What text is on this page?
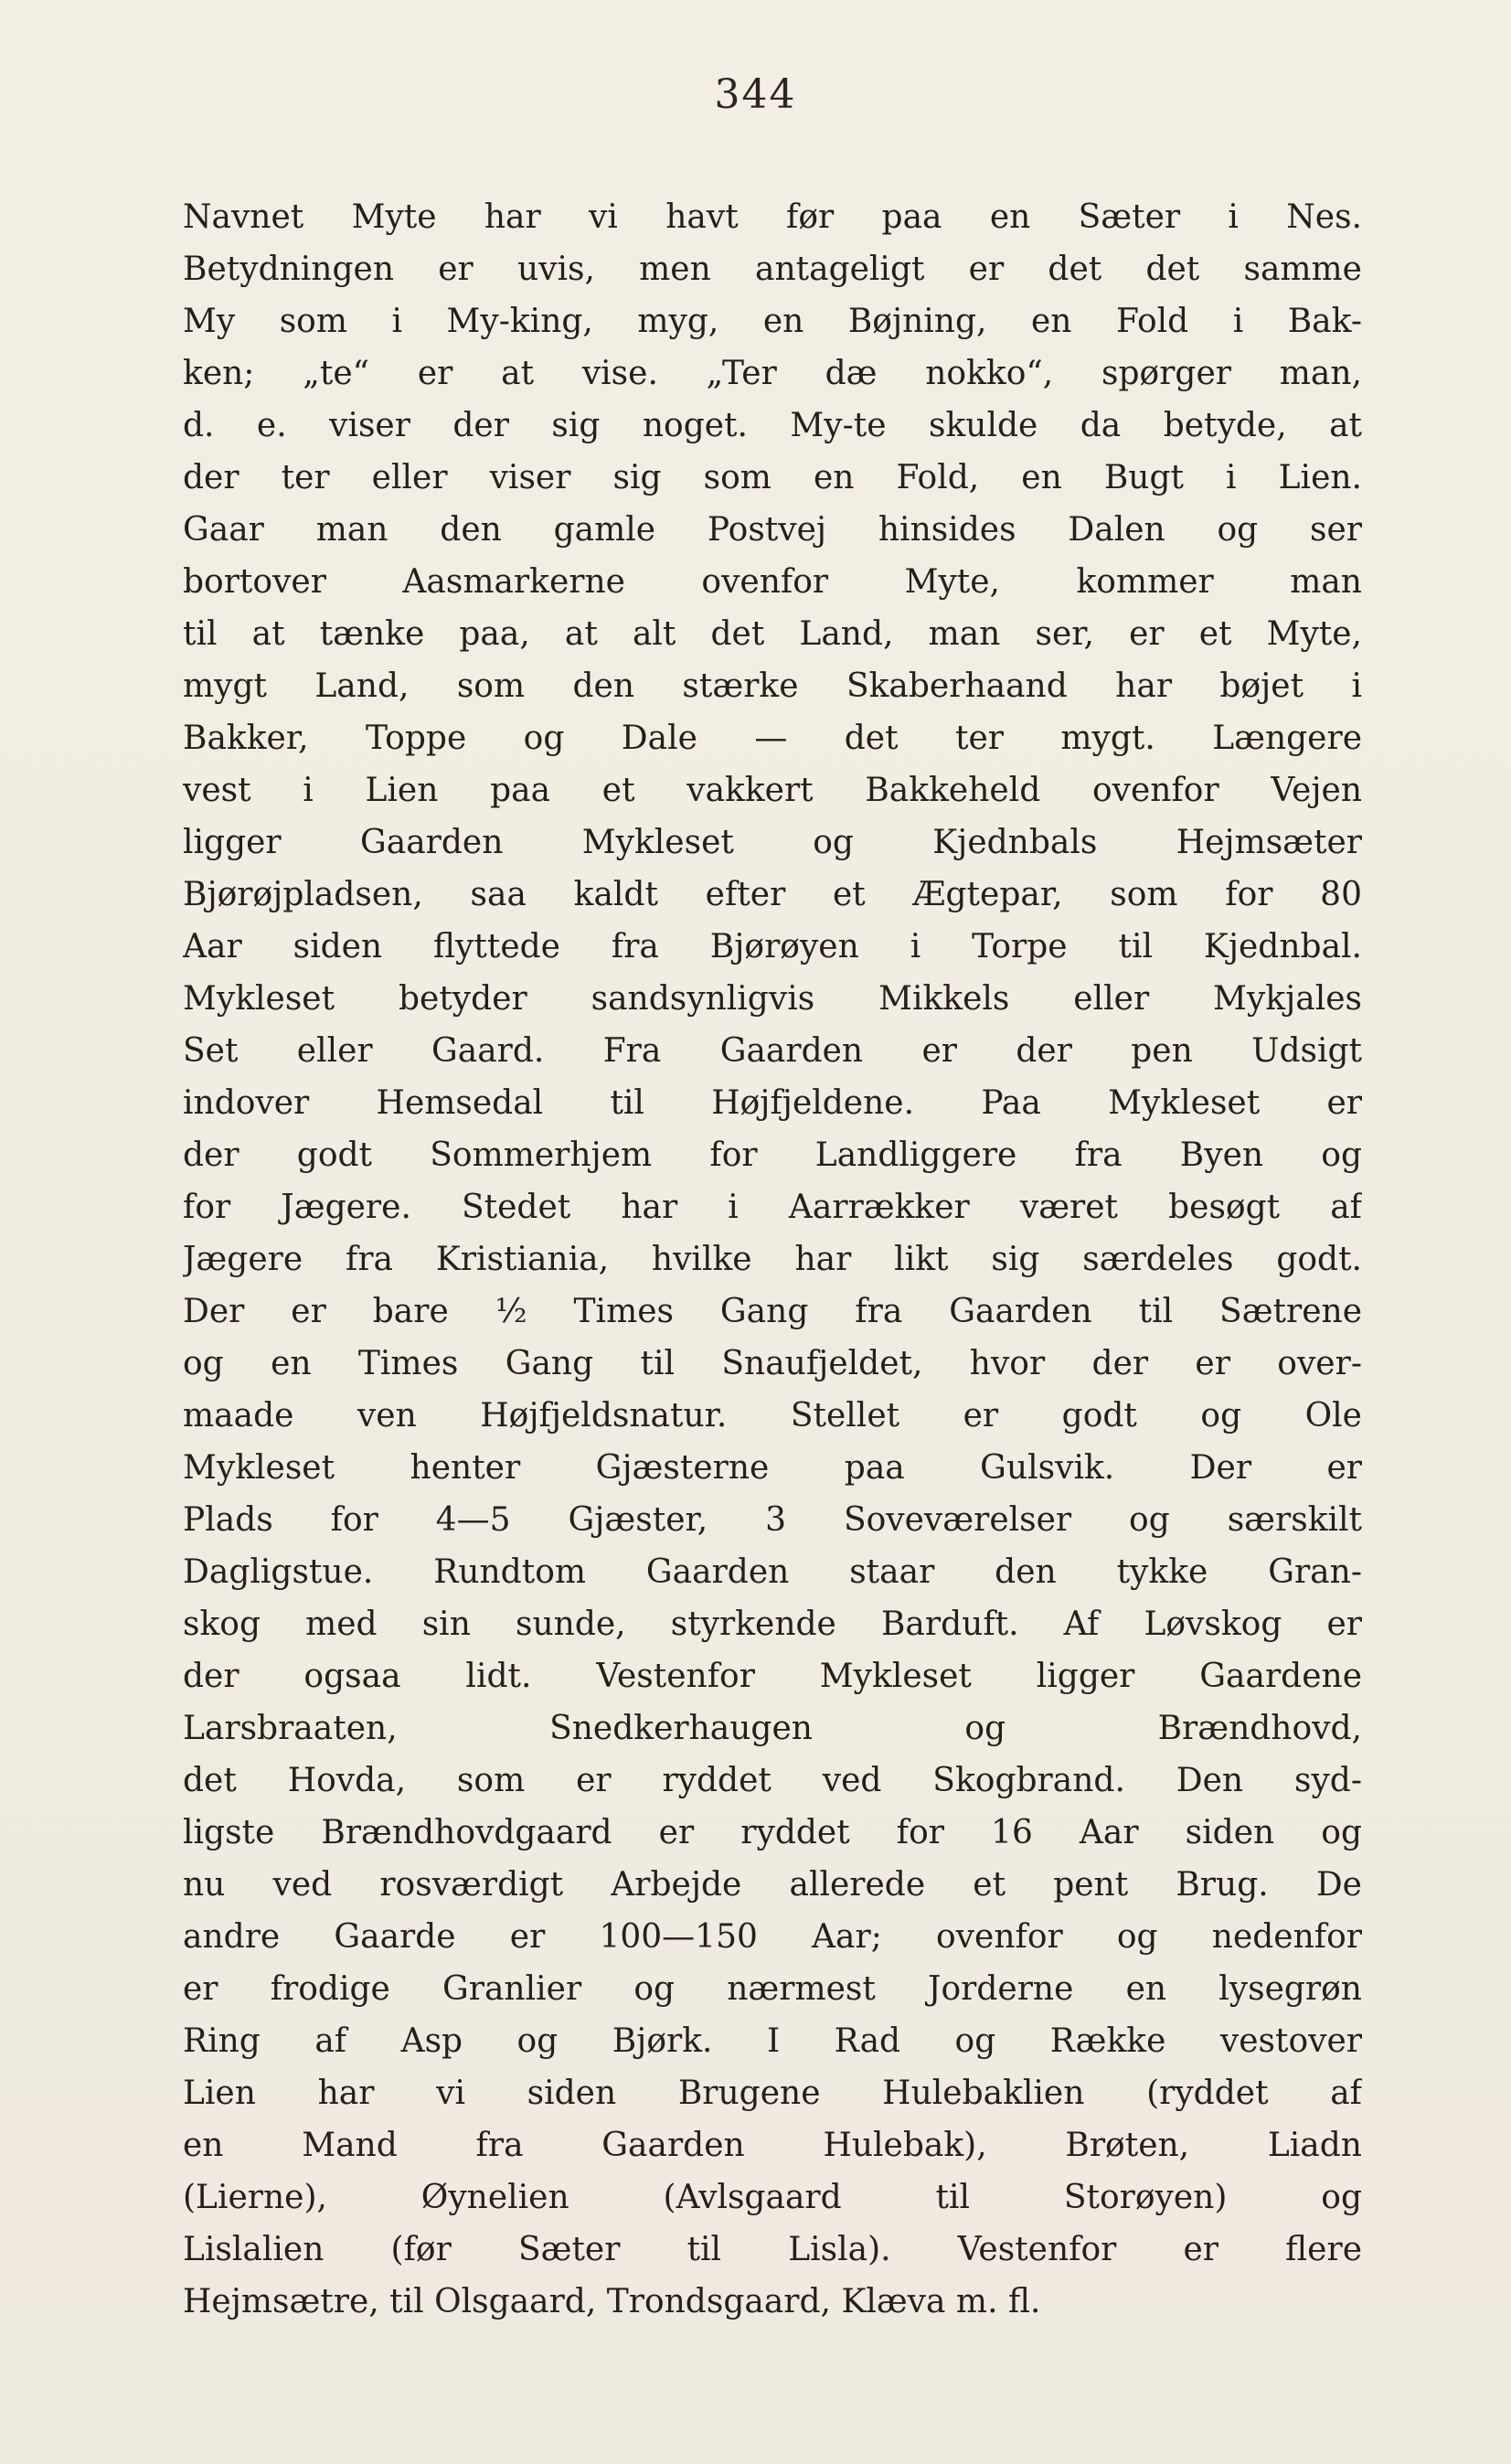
344
Navnet Myte har vi havt før paa en Sæter i Nes.
Betydningen er uvis, men antageligt er det det samme
My som i My-king, myg, en Bøjning, en Fold i Bak-
ken; „te“ er at vise. „Ter dæ nokko“, spørger man,
d. e. viser der sig noget. My-te skulde da betyde, at
der ter eller viser sig som en Fold, en Bugt i Lien.
Gaar man den gamle Postvej hinsides Dalen og ser
bortover Aasmarkerne ovenfor Myte, kommer man
til at tænke paa, at alt det Land, man ser, er et Myte,
mygt Land, som den stærke Skaberhaand har bøjet i
Bakker, Toppe og Dale — det ter mygt. Længere
vest i Lien paa et vakkert Bakkeheld ovenfor Vejen
ligger Gaarden Mykleset og Kjednbals Hejmsæter
Bjørøjpladsen, saa kaldt efter et Ægtepar, som for 80
Aar siden flyttede fra Bjørøyen i Torpe til Kjednbal.
Mykleset betyder sandsynligvis Mikkels eller Mykjales
Set eller Gaard. Fra Gaarden er der pen Udsigt
indover Hemsedal til Højfjeldene. Paa Mykleset er
der godt Sommerhjem for Landliggere fra Byen og
for Jægere. Stedet har i Aarrækker været besøgt af
Jægere fra Kristiania, hvilke har likt sig særdeles godt.
Der er bare ½ Times Gang fra Gaarden til Sætrene
og en Times Gang til Snaufjeldet, hvor der er over-
maade ven Højfjeldsnatur. Stellet er godt og Ole
Mykleset henter Gjæsterne paa Gulsvik. Der er
Plads for 4—5 Gjæster, 3 Soveværelser og særskilt
Dagligstue. Rundtom Gaarden staar den tykke Gran-
skog med sin sunde, styrkende Barduft. Af Løvskog er
der ogsaa lidt. Vestenfor Mykleset ligger Gaardene
Larsbraaten, Snedkerhaugen og Brændhovd,
det Hovda, som er ryddet ved Skogbrand. Den syd-
ligste Brændhovdgaard er ryddet for 16 Aar siden og
nu ved rosværdigt Arbejde allerede et pent Brug. De
andre Gaarde er 100—150 Aar; ovenfor og nedenfor
er frodige Granlier og nærmest Jorderne en lysegrøn
Ring af Asp og Bjørk. I Rad og Række vestover
Lien har vi siden Brugene Hulebaklien (ryddet af
en Mand fra Gaarden Hulebak), Brøten, Liadn
(Lierne), Øynelien (Avlsgaard til Storøyen) og
Lislalien (før Sæter til Lisla). Vestenfor er flere
Hejmsætre, til Olsgaard, Trondsgaard, Klæva m. fl.
